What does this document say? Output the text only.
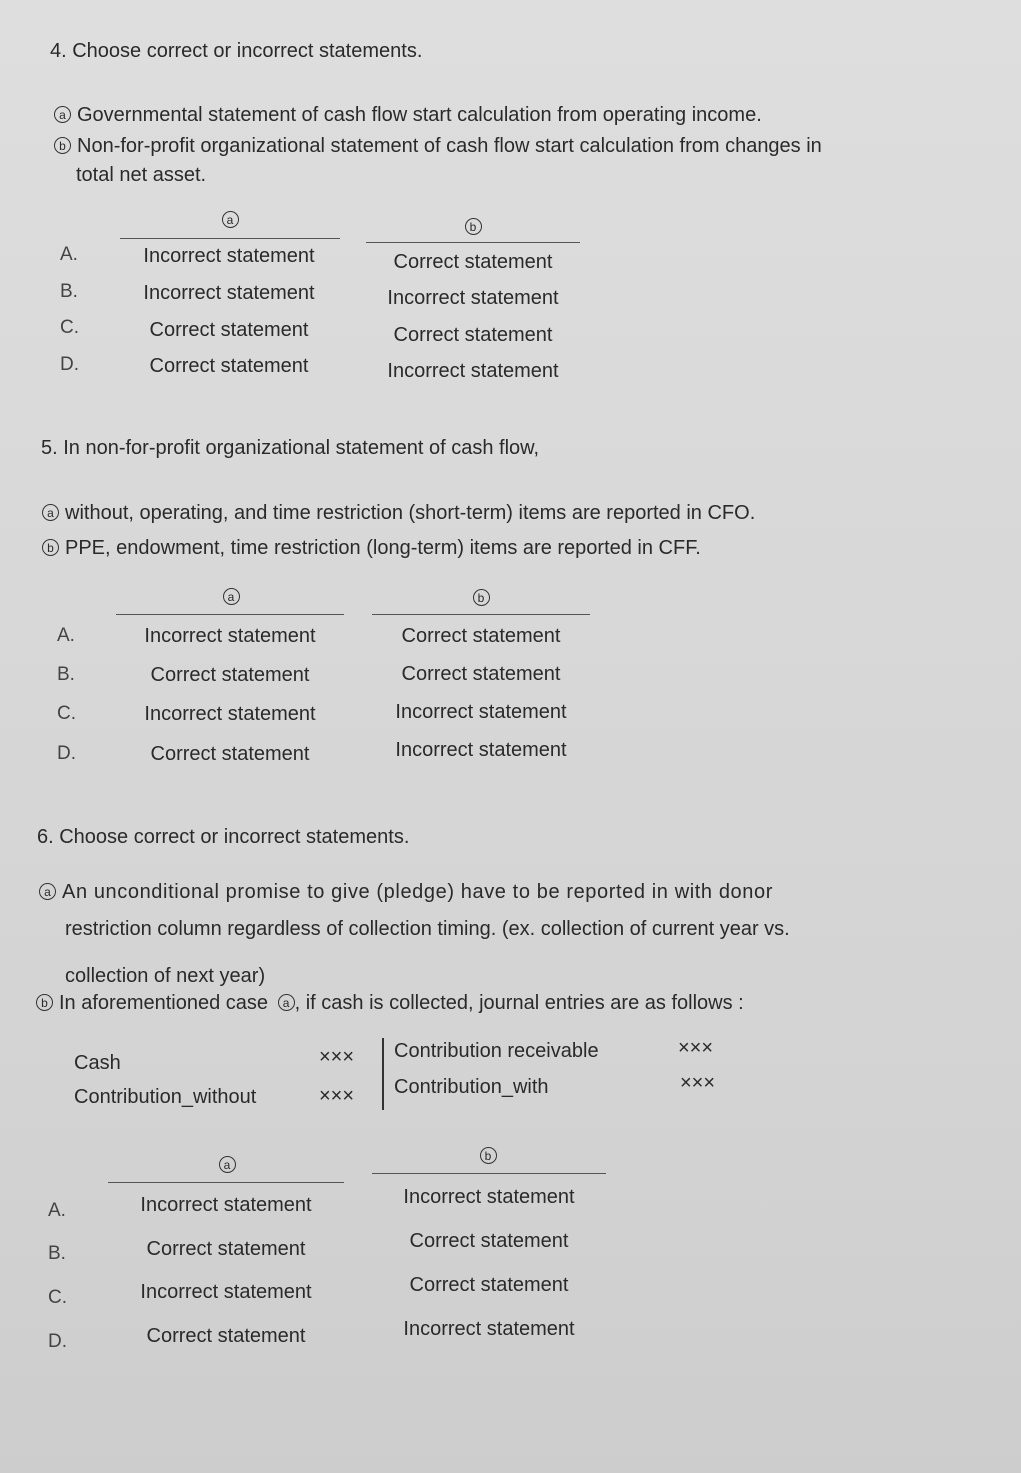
4. Choose correct or incorrect statements.
a Governmental statement of cash flow start calculation from operating income.
b Non-for-profit organizational statement of cash flow start calculation from changes in
total net asset.
a	b
A.	Incorrect statement	Correct statement
B.	Incorrect statement	Incorrect statement
C.	Correct statement	Correct statement
D.	Correct statement	Incorrect statement
5. In non-for-profit organizational statement of cash flow,
a without, operating, and time restriction (short-term) items are reported in CFO.
b PPE, endowment, time restriction (long-term) items are reported in CFF.
a	b
A.	Incorrect statement	Correct statement
B.	Correct statement	Correct statement
C.	Incorrect statement	Incorrect statement
D.	Correct statement	Incorrect statement
6. Choose correct or incorrect statements.
a An unconditional promise to give (pledge) have to be reported in with donor
restriction column regardless of collection timing. (ex. collection of current year vs.
collection of next year)
b In aforementioned case a , if cash is collected, journal entries are as follows :
Cash	×××
Contribution_without	×××
Contribution receivable	×××
Contribution_with	×××
a
b
A.	Incorrect statement	Incorrect statement
B.	Correct statement	Correct statement
C.	Incorrect statement	Correct statement
D.	Correct statement	Incorrect statement
